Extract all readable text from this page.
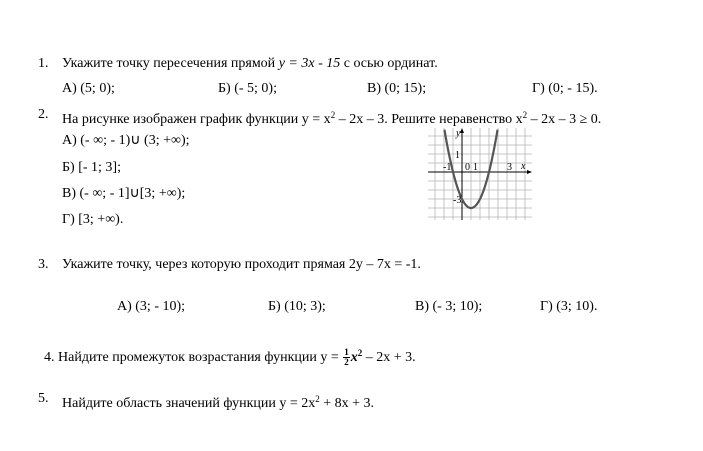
1. Укажите точку пересечения прямой y = 3x - 15 с осью ординат.
А) (5; 0);	Б) (- 5; 0);	В) (0; 15);	Г) (0; - 15).
2. На рисунке изображен график функции $y = x^2 - 2x - 3$. Решите неравенство $x^2 - 2x - 3 \ge 0$.
А) (- ∞; - 1)∪ (3; +∞);
Б) [- 1; 3];
В) (- ∞; - 1]∪[3; +∞);
Г) [3; +∞).
y
x
1
-1 0 1	3
-3
3. Укажите точку, через которую проходит прямая 2y – 7x = -1.
А) (3; - 10);	Б) (10; 3);	В) (- 3; 10);	Г) (3; 10).
4. Найдите промежуток возрастания функции $y = \frac{1}{2} x^2 - 2x + 3$.
5. Найдите область значений функции $y = 2x^2 + 8x + 3$.
